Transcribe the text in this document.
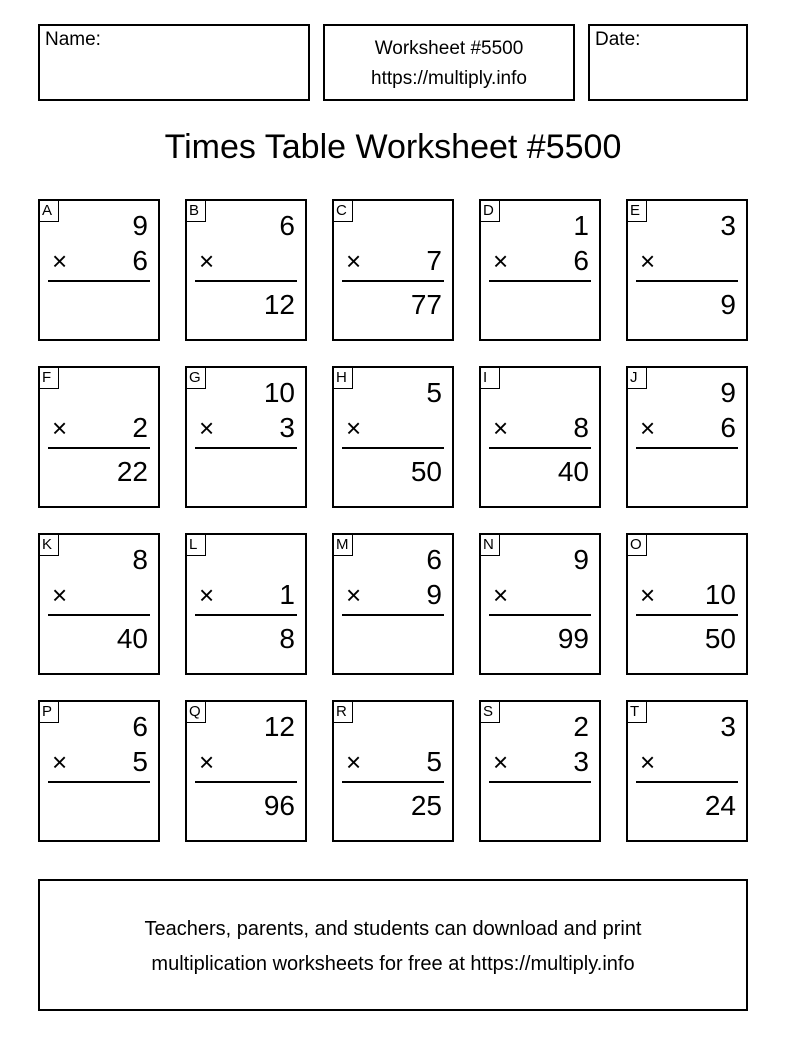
Name:	Worksheet #5500
https://multiply.info
Date:
Times Table Worksheet #5500
A	9
× 6
B	6
×
12
C
× 7
77
D	1
× 6
E	3
×
9
F
× 2
22
G 10
× 3
H	5
×
50
I
× 8
40
J	9
× 6
K	8
×
40
L
× 1
8
M	6
× 9
N	9
×
99
O
× 10
50
P	6
× 5
Q 12
×
96
R
× 5
25
S	2
× 3
T	3
×
24
Teachers, parents, and students can download and print
multiplication worksheets for free at https://multiply.info
